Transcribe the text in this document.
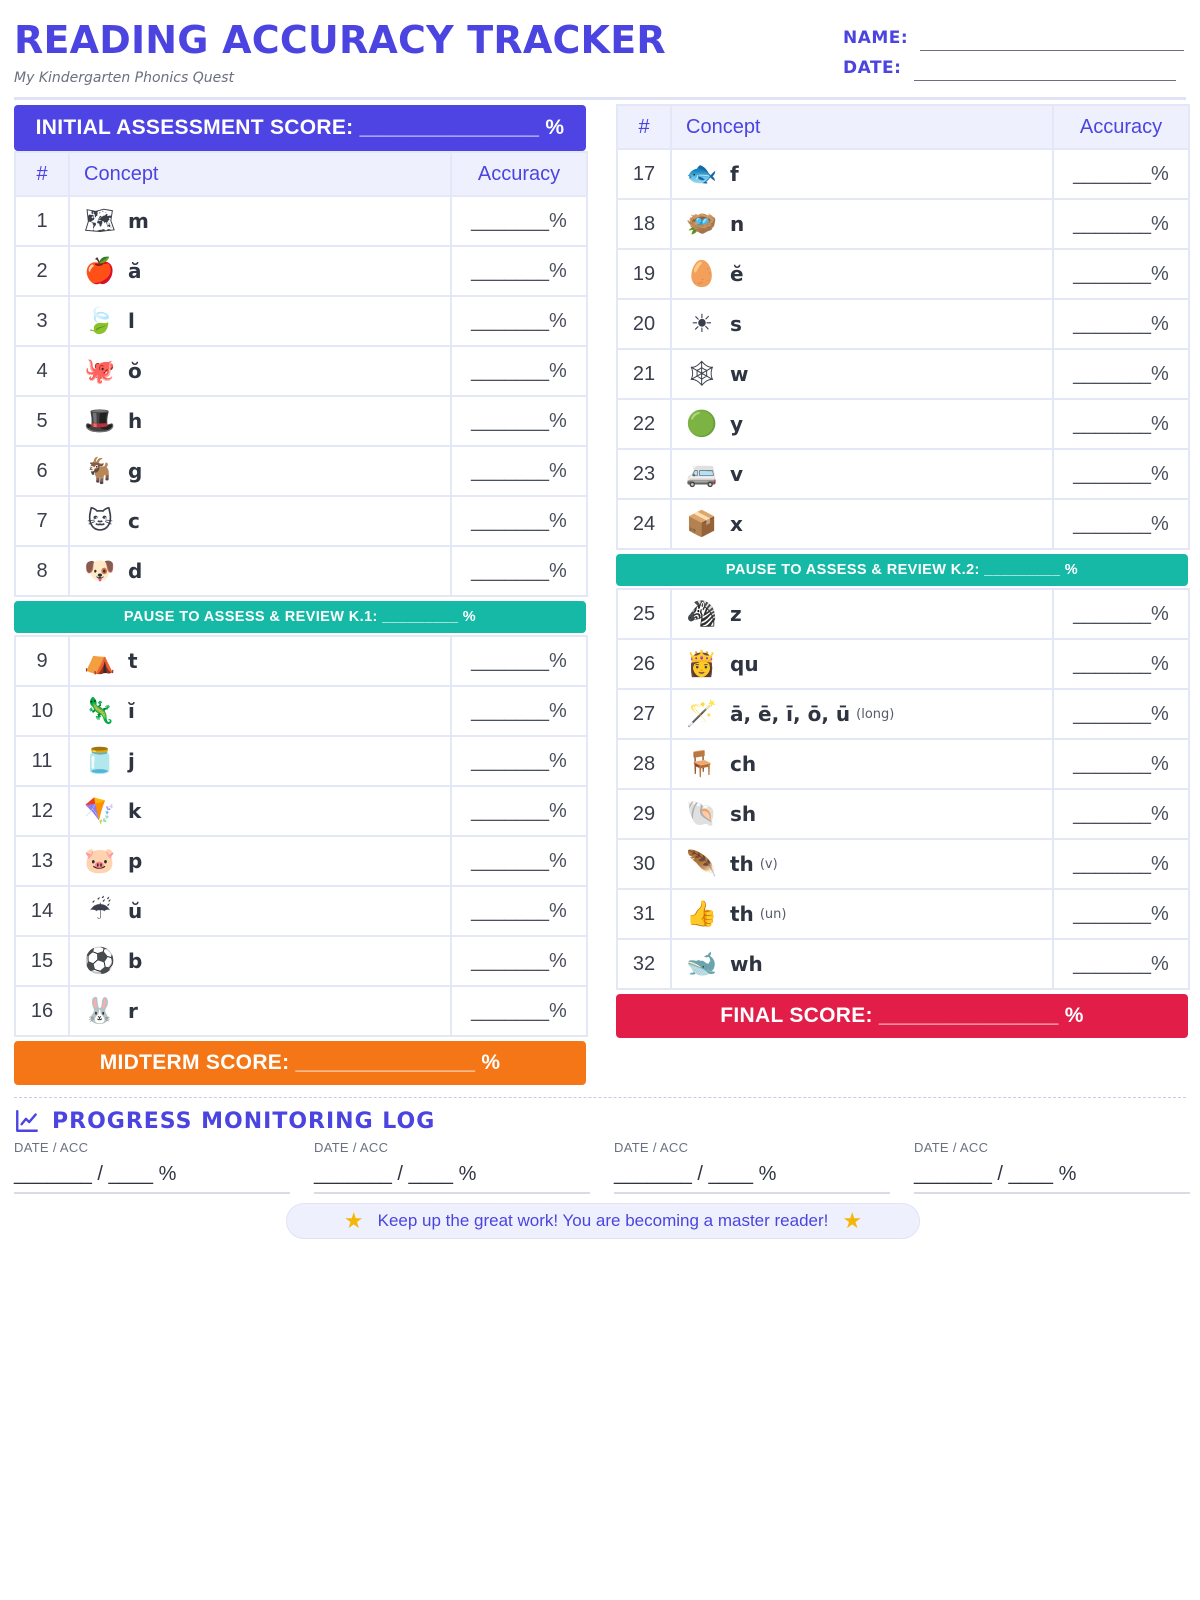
READING ACCURACY TRACKER
My Kindergarten Phonics Quest
NAME:
DATE:
INITIAL ASSESSMENT SCORE: _______________ %
#	Concept	Accuracy
1	🗺 m	_______%
2	🍎 ă	_______%
3	🍃 l	_______%
4	🐙 ŏ	_______%
5	🎩 h	_______%
6	🐐 g	_______%
7	🐱 c	_______%
8	🐶 d	_______%
PAUSE TO ASSESS & REVIEW K.1: _________ %
9	⛺ t	_______%
10	🦎 ĭ	_______%
11	🫙 j	_______%
12	🪁 k	_______%
13	🐷 p	_______%
14	☔ ŭ	_______%
15	⚽ b	_______%
16	🐰 r	_______%
MIDTERM SCORE: _______________ %
#	Concept	Accuracy
17	🐟 f	_______%
18	🪺 n	_______%
19	🥚 ĕ	_______%
20	☀ s	_______%
21	🕸 w	_______%
22	🟢 y	_______%
23	🚐 v	_______%
24	📦 x	_______%
PAUSE TO ASSESS & REVIEW K.2: _________ %
25	🦓 z	_______%
26	👸 qu	_______%
27	🪄 ā, ē, ī, ō, ū (long)	_______%
28	🪑 ch	_______%
29	🐚 sh	_______%
30	🪶 th (v)	_______%
31	👍 th (un)	_______%
32	🐋 wh	_______%
FINAL SCORE: _______________ %
PROGRESS MONITORING LOG
DATE / ACC
_______ / ____ %
DATE / ACC
_______ / ____ %
DATE / ACC
_______ / ____ %
DATE / ACC
_______ / ____ %
★ Keep up the great work! You are becoming a master reader! ★
